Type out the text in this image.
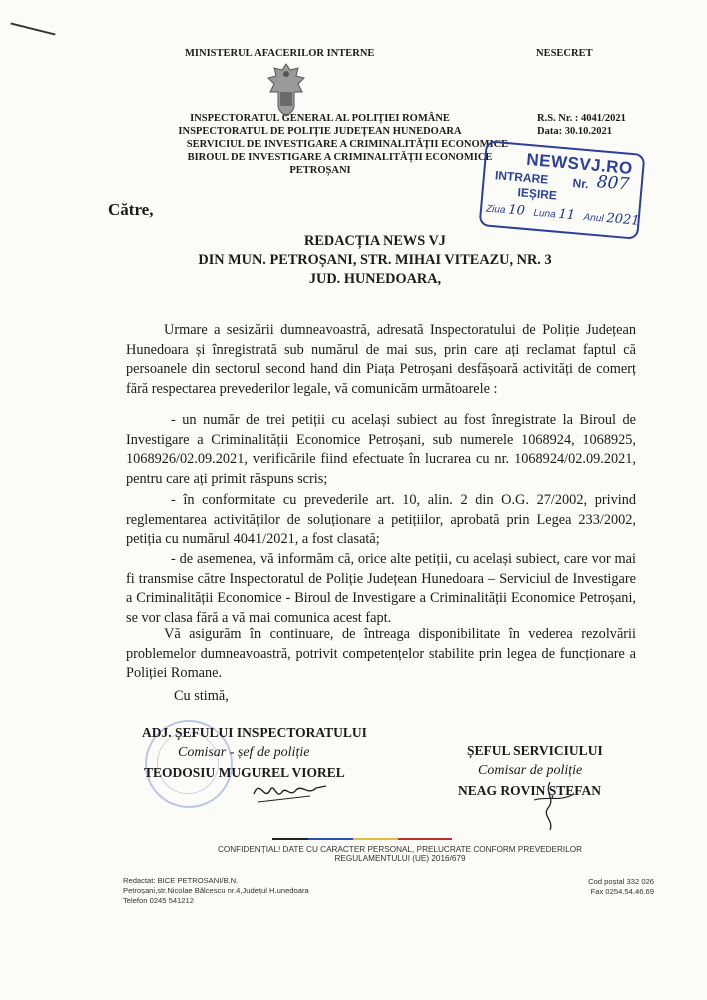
MINISTERUL AFACERILOR INTERNE	NESECRET
INSPECTORATUL GENERAL AL POLIȚIEI ROMÂNE
INSPECTORATUL DE POLIȚIE JUDEȚEAN HUNEDOARA
SERVICIUL DE INVESTIGARE A CRIMINALITĂȚII ECONOMICE
BIROUL DE INVESTIGARE A CRIMINALITĂȚII ECONOMICE
PETROȘANI
R.S. Nr. : 4041/2021
Data: 30.10.2021
NEWSVJ.RO
INTRARE Nr. 807
IEȘIRE
Ziua 10 Luna 11 Anul 2021
Către,
REDACȚIA NEWS VJ
DIN MUN. PETROȘANI, STR. MIHAI VITEAZU, NR. 3
JUD. HUNEDOARA,
Urmare a sesizării dumneavoastră, adresată Inspectoratului de Poliție Județean Hunedoara și înregistrată sub numărul de mai sus, prin care ați reclamat faptul că persoanele din sectorul second hand din Piața Petroșani desfășoară activități de comerț fără respectarea prevederilor legale, vă comunicăm următoarele :
- un număr de trei petiții cu același subiect au fost înregistrate la Biroul de Investigare a Criminalității Economice Petroșani, sub numerele 1068924, 1068925, 1068926/02.09.2021, verificările fiind efectuate în lucrarea cu nr. 1068924/02.09.2021, pentru care ați primit răspuns scris;
- în conformitate cu prevederile art. 10, alin. 2 din O.G. 27/2002, privind reglementarea activităților de soluționare a petițiilor, aprobată prin Legea 233/2002, petiția cu numărul 4041/2021, a fost clasată;
- de asemenea, vă informăm că, orice alte petiții, cu același subiect, care vor mai fi transmise către Inspectoratul de Poliție Județean Hunedoara – Serviciul de Investigare a Criminalității Economice - Biroul de Investigare a Criminalității Economice Petroșani, se vor clasa fără a vă mai comunica acest fapt.
Vă asigurăm în continuare, de întreaga disponibilitate în vederea rezolvării problemelor dumneavoastră, potrivit competențelor stabilite prin legea de funcționare a Poliției Romane.
Cu stimă,
ADJ. ȘEFULUI INSPECTORATULUI
Comisar - șef de poliție
TEODOSIU MUGUREL VIOREL
ȘEFUL SERVICIULUI
Comisar de poliție
NEAG ROVIN ȘTEFAN
CONFIDENȚIAL! DATE CU CARACTER PERSONAL, PRELUCRATE CONFORM PREVEDERILOR
REGULAMENTULUI (UE) 2016/679
Redactat: BICE PETROSANI/B.N.
Petroșani,str.Nicolae Bălcescu nr.4,Județul H.unedoara
Telefon 0245 541212
Cod poștal 332 026
Fax 0254.54.46.69
